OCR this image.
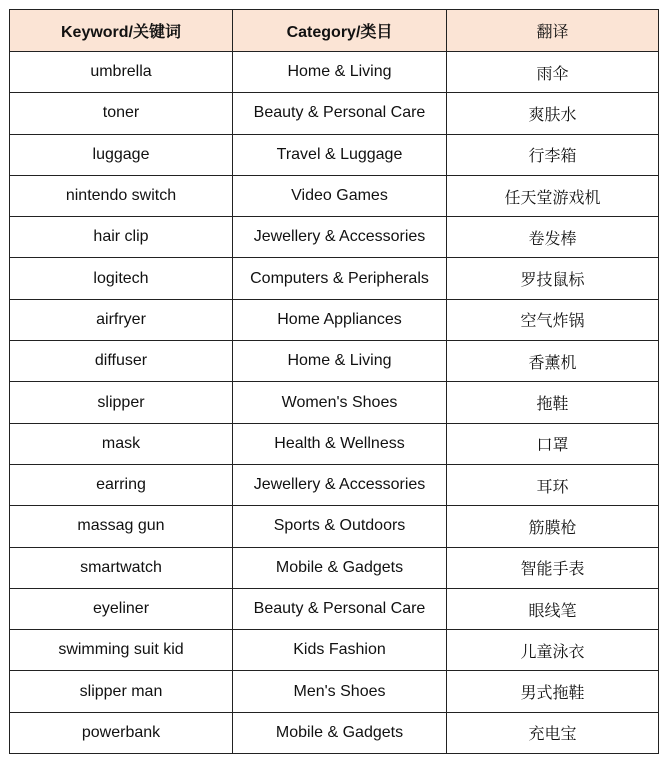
Keyword/关键词	Category/类目	翻译
umbrella	Home & Living	雨伞
toner	Beauty & Personal Care	爽肤水
luggage	Travel & Luggage	行李箱
nintendo switch	Video Games	任天堂游戏机
hair clip	Jewellery & Accessories	卷发棒
logitech	Computers & Peripherals	罗技鼠标
airfryer	Home Appliances	空气炸锅
diffuser	Home & Living	香薰机
slipper	Women's Shoes	拖鞋
mask	Health & Wellness	口罩
earring	Jewellery & Accessories	耳环
massag gun	Sports & Outdoors	筋膜枪
smartwatch	Mobile & Gadgets	智能手表
eyeliner	Beauty & Personal Care	眼线笔
swimming suit kid	Kids Fashion	儿童泳衣
slipper man	Men's Shoes	男式拖鞋
powerbank	Mobile & Gadgets	充电宝
